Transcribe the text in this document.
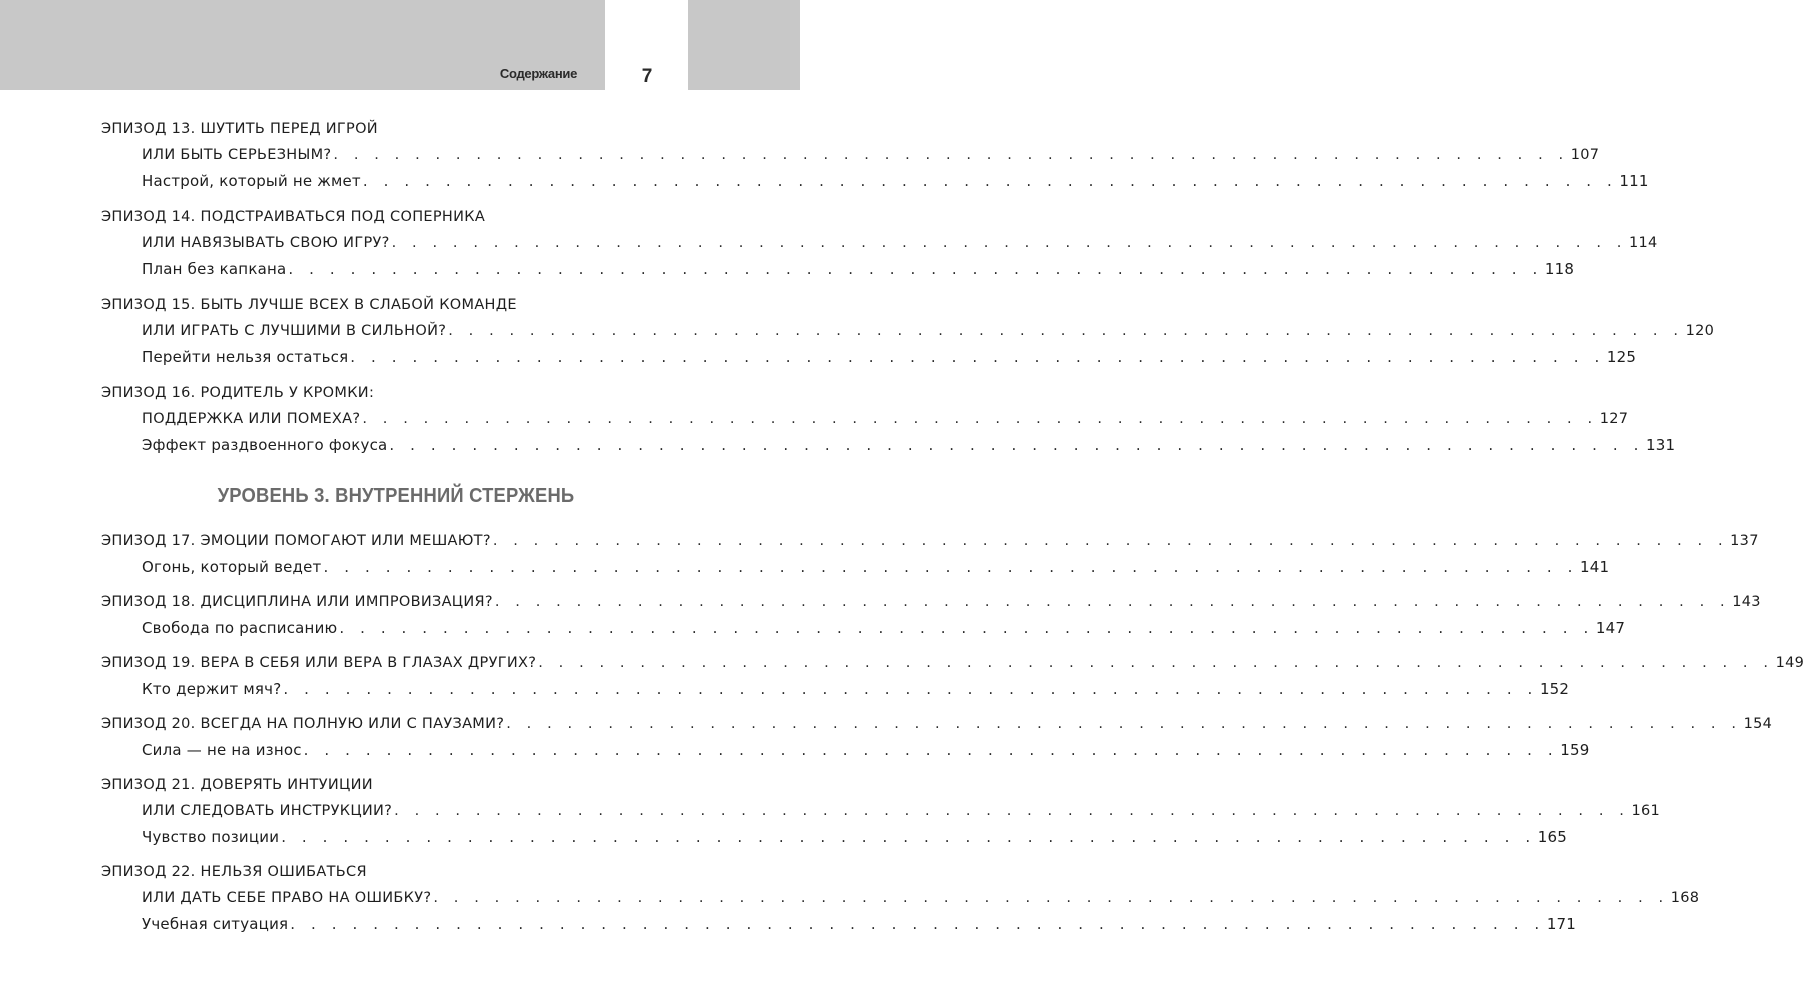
Содержание	7
ЭПИЗОД 13. ШУТИТЬ ПЕРЕД ИГРОЙ
ИЛИ БЫТЬ СЕРЬЕЗНЫМ? . . . . . . . . . . . . . . . . . . . . . . . . . . . . . . . . . . . . . . . . . . . . . . . . . . . . . . . . . . . . . 107
Настрой, который не жмет . . . . . . . . . . . . . . . . . . . . . . . . . . . . . . . . . . . . . . . . . . . . . . . . . . . . . . . . . . . . . 111
ЭПИЗОД 14. ПОДСТРАИВАТЬСЯ ПОД СОПЕРНИКА
ИЛИ НАВЯЗЫВАТЬ СВОЮ ИГРУ? . . . . . . . . . . . . . . . . . . . . . . . . . . . . . . . . . . . . . . . . . . . . . . . . . . . . . . . . . . . . . 114
План без капкана . . . . . . . . . . . . . . . . . . . . . . . . . . . . . . . . . . . . . . . . . . . . . . . . . . . . . . . . . . . . . 118
ЭПИЗОД 15. БЫТЬ ЛУЧШЕ ВСЕХ В СЛАБОЙ КОМАНДЕ
ИЛИ ИГРАТЬ С ЛУЧШИМИ В СИЛЬНОЙ? . . . . . . . . . . . . . . . . . . . . . . . . . . . . . . . . . . . . . . . . . . . . . . . . . . . . . . . . . . . . . 120
Перейти нельзя остаться . . . . . . . . . . . . . . . . . . . . . . . . . . . . . . . . . . . . . . . . . . . . . . . . . . . . . . . . . . . . . 125
ЭПИЗОД 16. РОДИТЕЛЬ У КРОМКИ:
ПОДДЕРЖКА ИЛИ ПОМЕХА? . . . . . . . . . . . . . . . . . . . . . . . . . . . . . . . . . . . . . . . . . . . . . . . . . . . . . . . . . . . . . 127
Эффект раздвоенного фокуса . . . . . . . . . . . . . . . . . . . . . . . . . . . . . . . . . . . . . . . . . . . . . . . . . . . . . . . . . . . . . 131
УРОВЕНЬ 3. ВНУТРЕННИЙ СТЕРЖЕНЬ
ЭПИЗОД 17. ЭМОЦИИ ПОМОГАЮТ ИЛИ МЕШАЮТ? . . . . . . . . . . . . . . . . . . . . . . . . . . . . . . . . . . . . . . . . . . . . . . . . . . . . . . . . . . . . . 137
Огонь, который ведет . . . . . . . . . . . . . . . . . . . . . . . . . . . . . . . . . . . . . . . . . . . . . . . . . . . . . . . . . . . . . 141
ЭПИЗОД 18. ДИСЦИПЛИНА ИЛИ ИМПРОВИЗАЦИЯ? . . . . . . . . . . . . . . . . . . . . . . . . . . . . . . . . . . . . . . . . . . . . . . . . . . . . . . . . . . . . . 143
Свобода по расписанию . . . . . . . . . . . . . . . . . . . . . . . . . . . . . . . . . . . . . . . . . . . . . . . . . . . . . . . . . . . . . 147
ЭПИЗОД 19. ВЕРА В СЕБЯ ИЛИ ВЕРА В ГЛАЗАХ ДРУГИХ? . . . . . . . . . . . . . . . . . . . . . . . . . . . . . . . . . . . . . . . . . . . . . . . . . . . . . . . . . . . . . 149
Кто держит мяч? . . . . . . . . . . . . . . . . . . . . . . . . . . . . . . . . . . . . . . . . . . . . . . . . . . . . . . . . . . . . . 152
ЭПИЗОД 20. ВСЕГДА НА ПОЛНУЮ ИЛИ С ПАУЗАМИ? . . . . . . . . . . . . . . . . . . . . . . . . . . . . . . . . . . . . . . . . . . . . . . . . . . . . . . . . . . . . . 154
Сила — не на износ . . . . . . . . . . . . . . . . . . . . . . . . . . . . . . . . . . . . . . . . . . . . . . . . . . . . . . . . . . . . . 159
ЭПИЗОД 21. ДОВЕРЯТЬ ИНТУИЦИИ
ИЛИ СЛЕДОВАТЬ ИНСТРУКЦИИ? . . . . . . . . . . . . . . . . . . . . . . . . . . . . . . . . . . . . . . . . . . . . . . . . . . . . . . . . . . . . . 161
Чувство позиции . . . . . . . . . . . . . . . . . . . . . . . . . . . . . . . . . . . . . . . . . . . . . . . . . . . . . . . . . . . . . 165
ЭПИЗОД 22. НЕЛЬЗЯ ОШИБАТЬСЯ
ИЛИ ДАТЬ СЕБЕ ПРАВО НА ОШИБКУ? . . . . . . . . . . . . . . . . . . . . . . . . . . . . . . . . . . . . . . . . . . . . . . . . . . . . . . . . . . . . . 168
Учебная ситуация . . . . . . . . . . . . . . . . . . . . . . . . . . . . . . . . . . . . . . . . . . . . . . . . . . . . . . . . . . . . . 171
